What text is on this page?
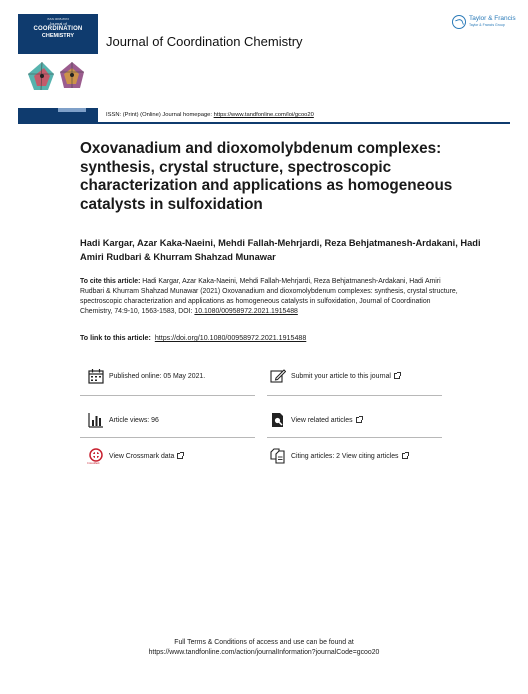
ISSN 0095-8972
Journal of
COORDINATION
CHEMISTRY	Journal of Coordination Chemistry
Taylor & Francis
Taylor & Francis Group
ISSN: (Print) (Online) Journal homepage: https://www.tandfonline.com/loi/gcoo20
Oxovanadium and dioxomolybdenum complexes: synthesis, crystal structure, spectroscopic characterization and applications as homogeneous catalysts in sulfoxidation
Hadi Kargar, Azar Kaka-Naeini, Mehdi Fallah-Mehrjardi, Reza Behjatmanesh-Ardakani, Hadi Amiri Rudbari & Khurram Shahzad Munawar
To cite this article: Hadi Kargar, Azar Kaka-Naeini, Mehdi Fallah-Mehrjardi, Reza Behjatmanesh-Ardakani, Hadi Amiri Rudbari & Khurram Shahzad Munawar (2021) Oxovanadium and dioxomolybdenum complexes: synthesis, crystal structure, spectroscopic characterization and applications as homogeneous catalysts in sulfoxidation, Journal of Coordination Chemistry, 74:9-10, 1563-1583, DOI: 10.1080/00958972.2021.1915488
To link to this article: https://doi.org/10.1080/00958972.2021.1915488
Published online: 05 May 2021.	Submit your article to this journal
Article views: 96	View related articles
CrossMark
View Crossmark data	Citing articles: 2 View citing articles
Full Terms & Conditions of access and use can be found at
https://www.tandfonline.com/action/journalInformation?journalCode=gcoo20
